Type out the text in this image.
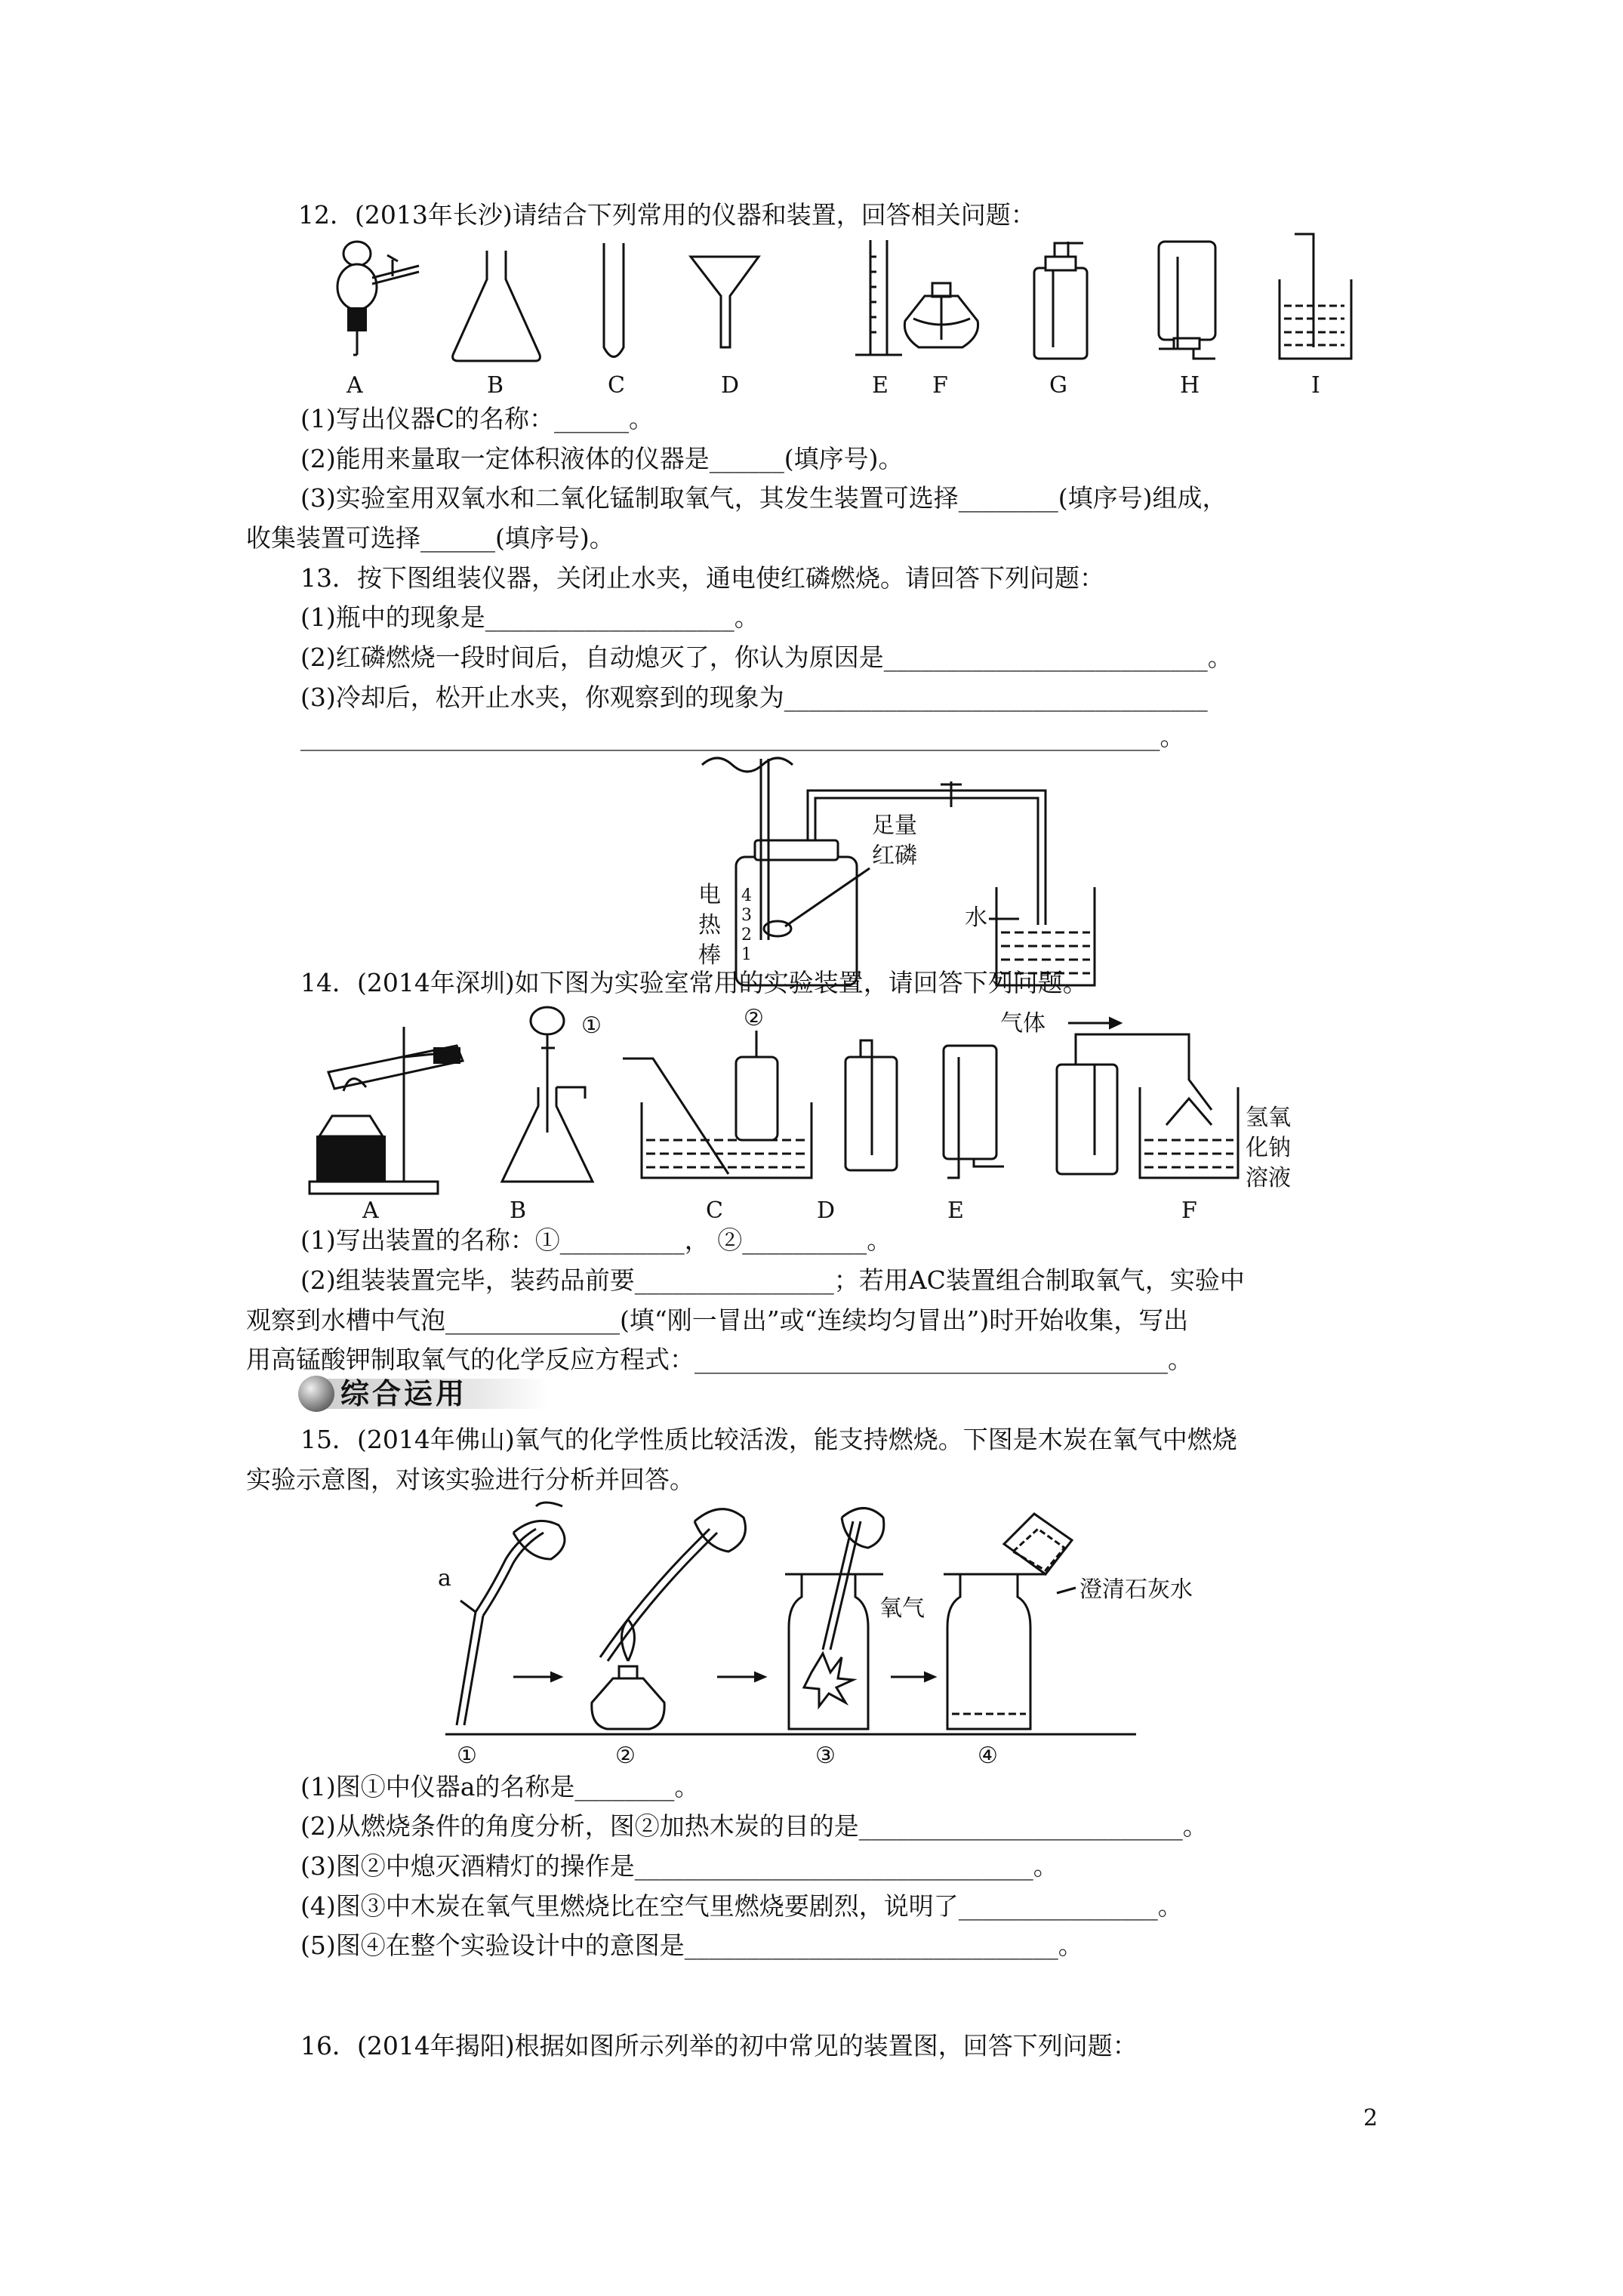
12．(2013年长沙)请结合下列常用的仪器和装置，回答相关问题：
A	B	C	D	E F	G	H	I
(1)写出仪器C的名称：______。
(2)能用来量取一定体积液体的仪器是______(填序号)。
(3)实验室用双氧水和二氧化锰制取氧气，其发生装置可选择________(填序号)组成，
收集装置可选择______(填序号)。
13．按下图组装仪器，关闭止水夹，通电使红磷燃烧。请回答下列问题：
(1)瓶中的现象是____________________。
(2)红磷燃烧一段时间后，自动熄灭了，你认为原因是__________________________。
(3)冷却后，松开止水夹，你观察到的现象为__________________________________
_____________________________________________________________________。
4
3
2
1
电
热
棒
足量
红磷
水
14．(2014年深圳)如下图为实验室常用的实验装置，请回答下列问题。
①	②	气体
氢氧
化钠
溶液
A	B	C	D	E	F
(1)写出装置的名称：①__________， ②__________。
(2)组装装置完毕，装药品前要________________；若用AC装置组合制取氧气，实验中
观察到水槽中气泡______________(填“刚一冒出”或“连续均匀冒出”)时开始收集，写出
用高锰酸钾制取氧气的化学反应方程式：______________________________________。
综合运用
15．(2014年佛山)氧气的化学性质比较活泼，能支持燃烧。下图是木炭在氧气中燃烧
实验示意图，对该实验进行分析并回答。
a
氧气
澄清石灰水
①	②	③	④
(1)图①中仪器a的名称是________。
(2)从燃烧条件的角度分析，图②加热木炭的目的是__________________________。
(3)图②中熄灭酒精灯的操作是________________________________。
(4)图③中木炭在氧气里燃烧比在空气里燃烧要剧烈，说明了________________。
(5)图④在整个实验设计中的意图是______________________________。
16．(2014年揭阳)根据如图所示列举的初中常见的装置图，回答下列问题：
2
